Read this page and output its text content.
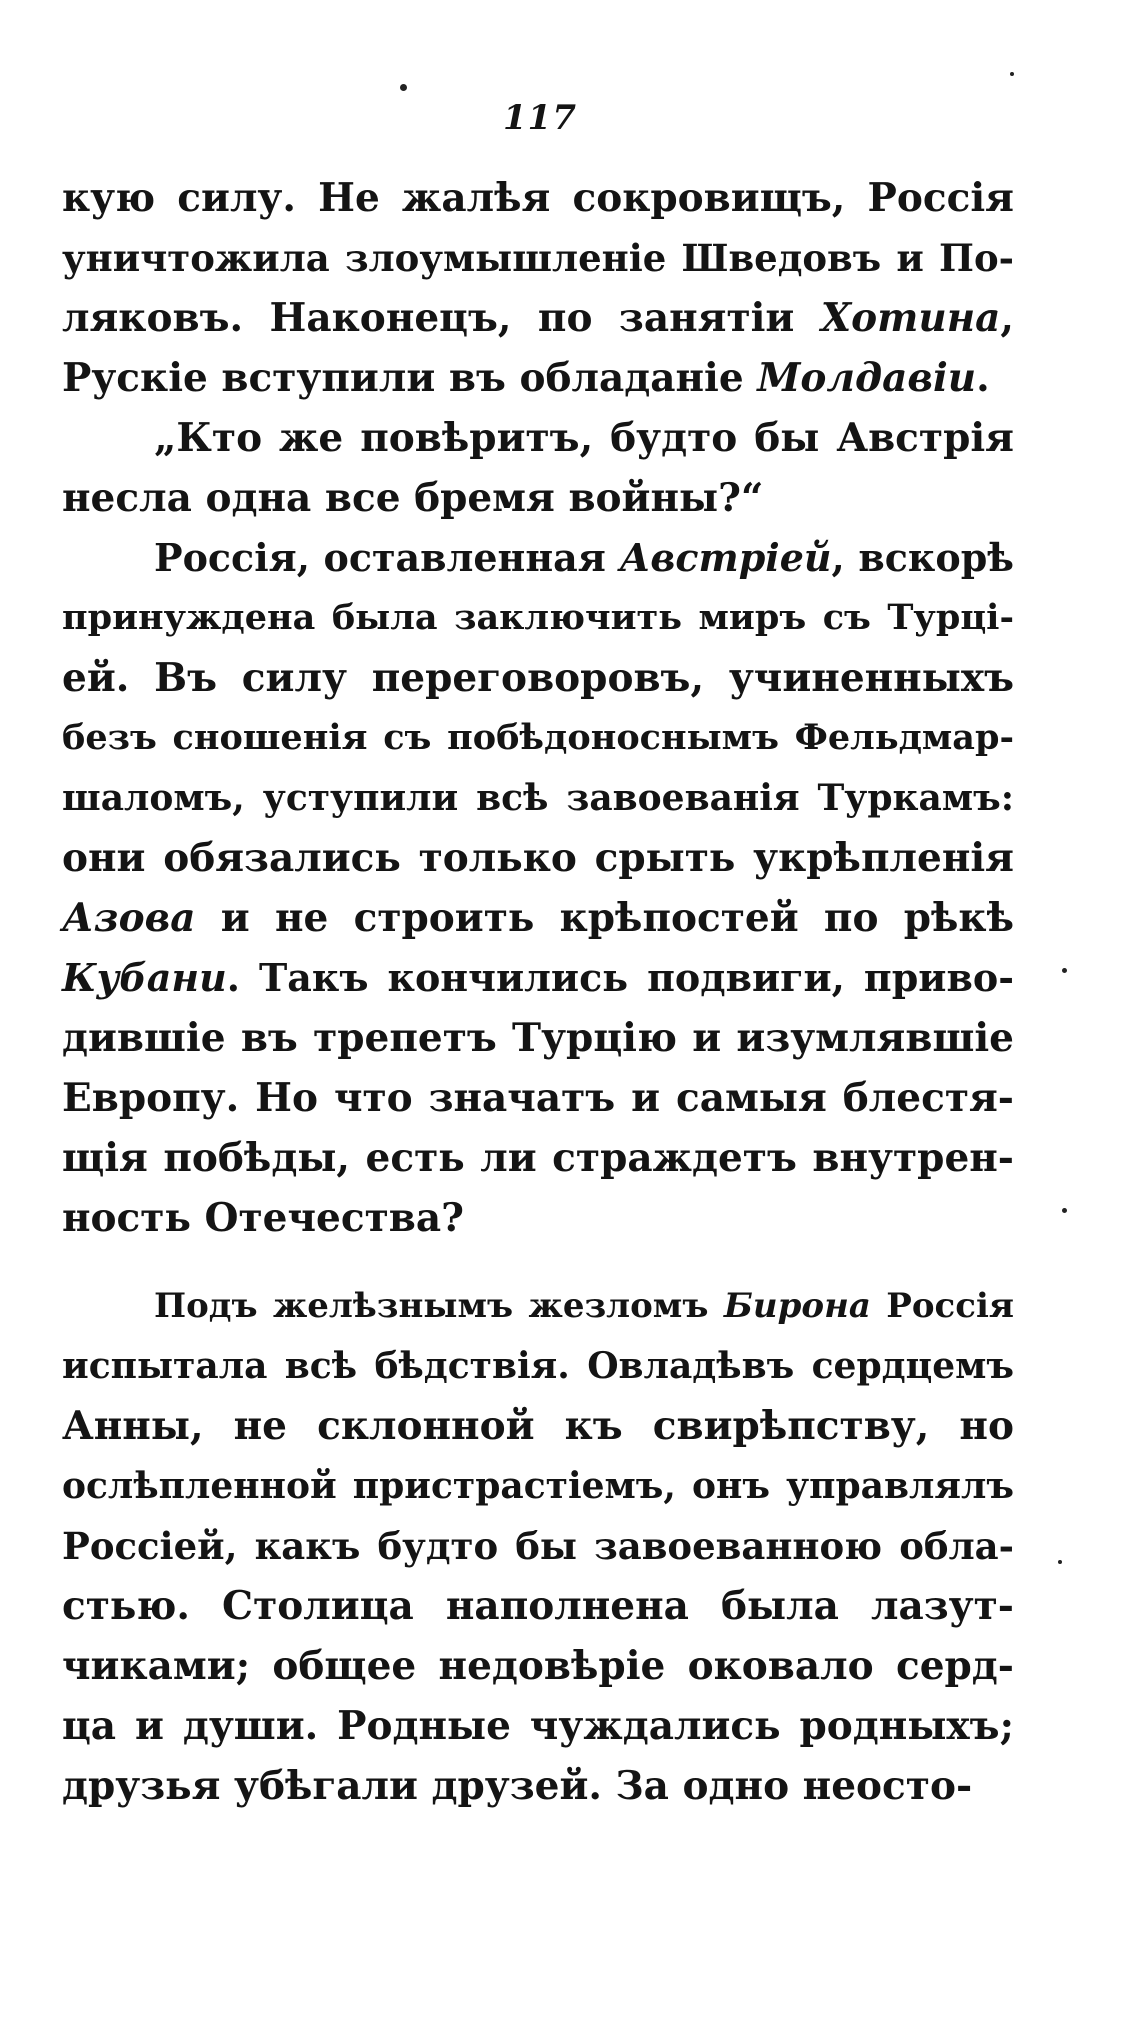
117
кую силу. Не жалѣя сокровищъ, Россія
уничтожила злоумышленіе Шведовъ и По-
ляковъ. Наконецъ, по занятіи Хотина,
Рускіе вступили въ обладаніе Молдавіи.
„Кто же повѣритъ, будто бы Австрія
несла одна все бремя войны?“
Россія, оставленная Австріей, вскорѣ
принуждена была заключить миръ съ Турці-
ей. Въ силу переговоровъ, учиненныхъ
безъ сношенія съ побѣдоноснымъ Фельдмар-
шаломъ, уступили всѣ завоеванія Туркамъ:
они обязались только срыть укрѣпленія
Азова и не строить крѣпостей по рѣкѣ
Кубани. Такъ кончились подвиги, приво-
дившіе въ трепетъ Турцію и изумлявшіе
Европу. Но что значатъ и самыя блестя-
щія побѣды, есть ли страждетъ внутрен-
ность Отечества?
Подъ желѣзнымъ жезломъ Бирона Россія
испытала всѣ бѣдствія. Овладѣвъ сердцемъ
Анны, не склонной къ свирѣпству, но
ослѣпленной пристрастіемъ, онъ управлялъ
Россіей, какъ будто бы завоеванною обла-
стью. Столица наполнена была лазут-
чиками; общее недовѣріе оковало серд-
ца и души. Родные чуждались родныхъ;
друзья убѣгали друзей. За одно неосто-
